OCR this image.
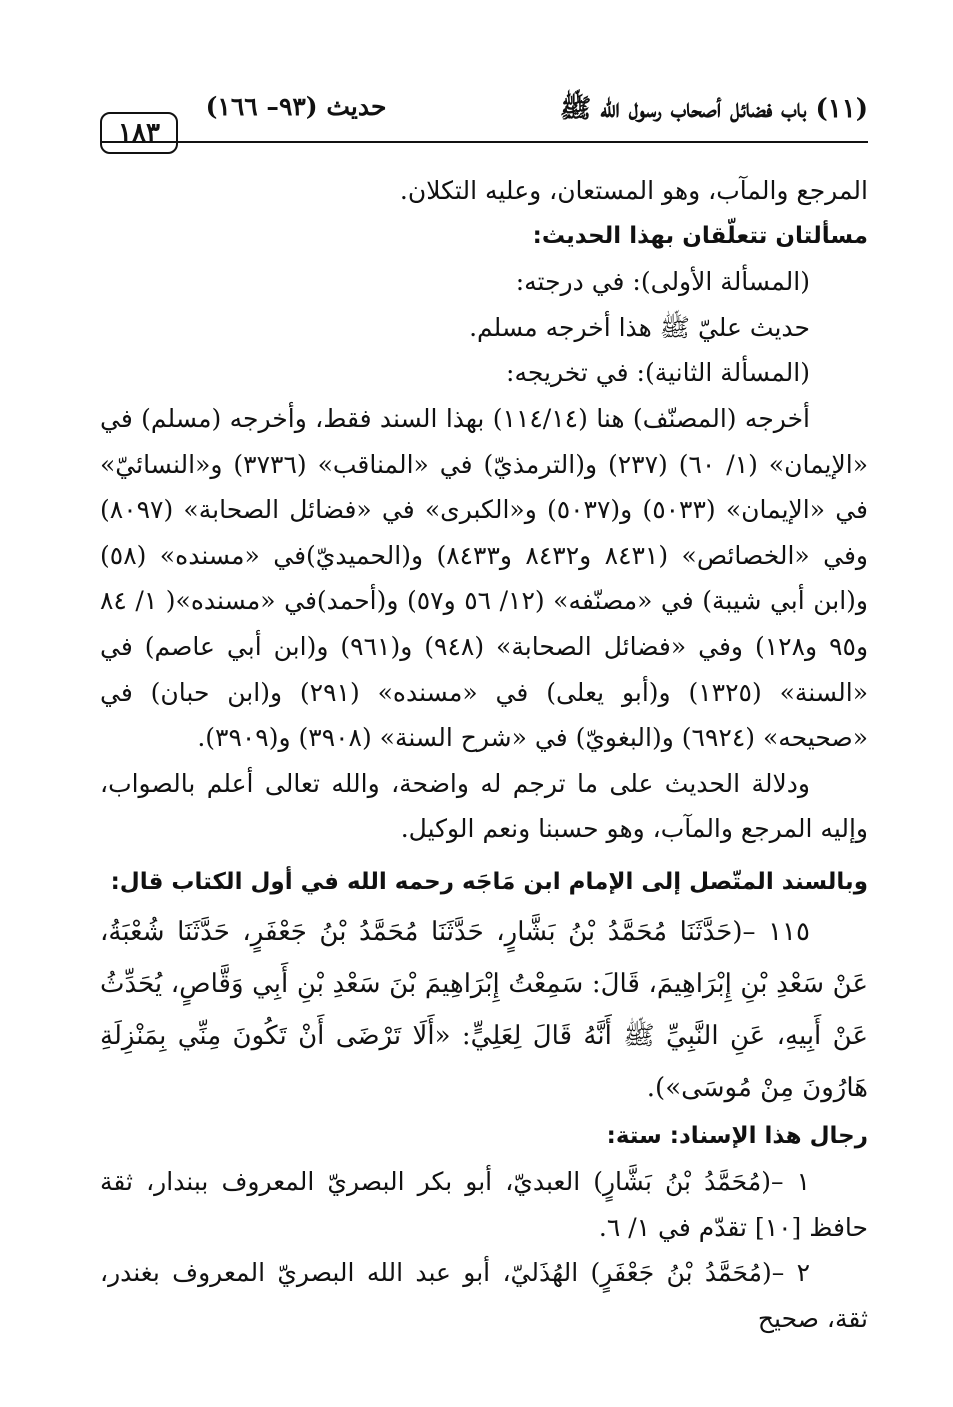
١٨٣
حديث (٩٣– ١٦٦)	(١١) باب فضائل أصحاب رسول الله ﷺ

المرجع والمآب، وهو المستعان، وعليه التكلان.

مسألتان تتعلّقان بهذا الحديث:

(المسألة الأولى): في درجته:

حديث عليّ ﷺ هذا أخرجه مسلم.

(المسألة الثانية): في تخريجه:

أخرجه (المصنّف) هنا (١١٤/١٤) بهذا السند فقط، وأخرجه (مسلم) في «الإيمان» (١/ ٦٠) (٢٣٧) و(الترمذيّ) في «المناقب» (٣٧٣٦) و«النسائيّ» في «الإيمان» (٥٠٣٣) و(٥٠٣٧) و«الكبرى» في «فضائل الصحابة» (٨٠٩٧) وفي «الخصائص» (٨٤٣١ و٨٤٣٢ و٨٤٣٣) و(الحميديّ)في «مسنده» (٥٨) و(ابن أبي شيبة) في «مصنّفه» (١٢/ ٥٦ و٥٧) و(أحمد)في «مسنده»( ١/ ٨٤ و٩٥ و١٢٨) وفي «فضائل الصحابة» (٩٤٨) و(٩٦١) و(ابن أبي عاصم) في «السنة» (١٣٢٥) و(أبو يعلى) في «مسنده» (٢٩١) و(ابن حبان) في «صحيحه» (٦٩٢٤) و(البغويّ) في «شرح السنة» (٣٩٠٨) و(٣٩٠٩).

ودلالة الحديث على ما ترجم له واضحة، والله تعالى أعلم بالصواب، وإليه المرجع والمآب، وهو حسبنا ونعم الوكيل.

وبالسند المتّصل إلى الإمام ابن مَاجَه رحمه الله في أول الكتاب قال:

١١٥ –(حَدَّثَنَا مُحَمَّدُ بْنُ بَشَّارٍ، حَدَّثَنَا مُحَمَّدُ بْنُ جَعْفَرٍ، حَدَّثَنَا شُعْبَةُ، عَنْ سَعْدِ بْنِ إِبْرَاهِيمَ، قَالَ: سَمِعْتُ إِبْرَاهِيمَ بْنَ سَعْدِ بْنِ أَبِي وَقَّاصٍ، يُحَدِّثُ عَنْ أَبِيهِ، عَنِ النَّبِيِّ ﷺ أَنَّهُ قَالَ لِعَلِيٍّ: «أَلَا تَرْضَى أَنْ تَكُونَ مِنِّي بِمَنْزِلَةِ هَارُونَ مِنْ مُوسَى»).

رجال هذا الإسناد: ستة:

١ –(مُحَمَّدُ بْنُ بَشَّارٍ) العبديّ، أبو بكر البصريّ المعروف ببندار، ثقة حافظ [١٠] تقدّم في ١/ ٦.

٢ –(مُحَمَّدُ بْنُ جَعْفَرٍ) الهُذَليّ، أبو عبد الله البصريّ المعروف بغندر، ثقة، صحيح
